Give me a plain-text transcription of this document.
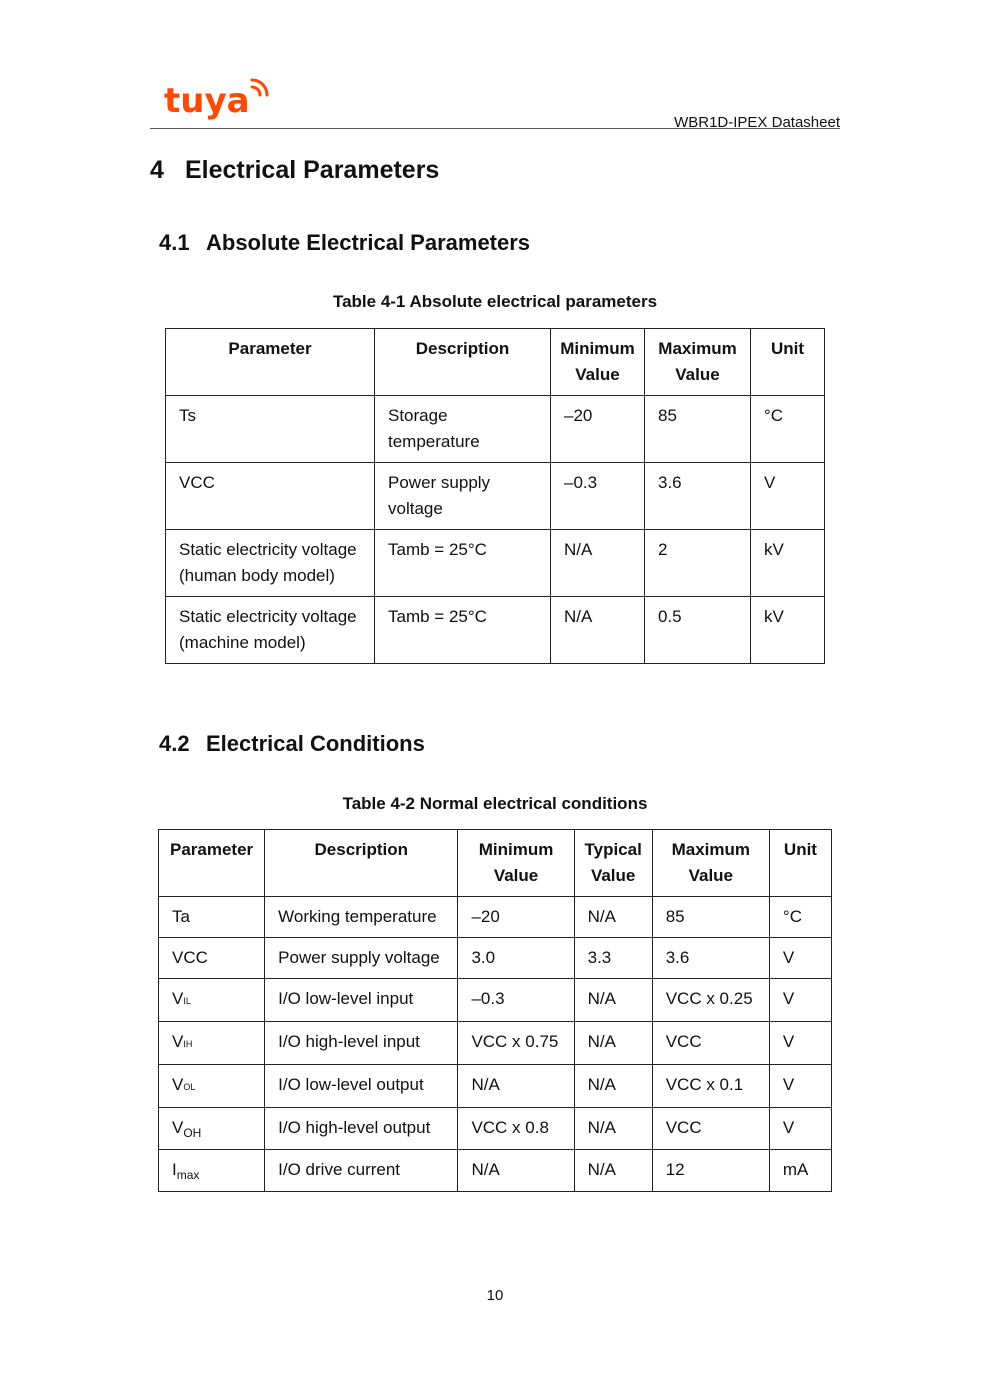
tuya
WBR1D-IPEX Datasheet
4 Electrical Parameters
4.1 Absolute Electrical Parameters
Table 4-1 Absolute electrical parameters
Parameter	Description	Minimum Value	Maximum Value	Unit
Ts	Storage temperature	–20	85	°C
VCC	Power supply voltage	–0.3	3.6	V
Static electricity voltage (human body model)	Tamb = 25°C	N/A	2	kV
Static electricity voltage (machine model)	Tamb = 25°C	N/A	0.5	kV
4.2 Electrical Conditions
Table 4-2 Normal electrical conditions
Parameter	Description	Minimum Value	Typical Value	Maximum Value	Unit
Ta	Working temperature	–20	N/A	85	°C
VCC	Power supply voltage	3.0	3.3	3.6	V
VIL	I/O low-level input	–0.3	N/A	VCC x 0.25	V
VIH	I/O high-level input	VCC x 0.75	N/A	VCC	V
VOL	I/O low-level output	N/A	N/A	VCC x 0.1	V
$V_{OH}$	I/O high-level output	VCC x 0.8	N/A	VCC	V
$I_{max}$	I/O drive current	N/A	N/A	12	mA
10
